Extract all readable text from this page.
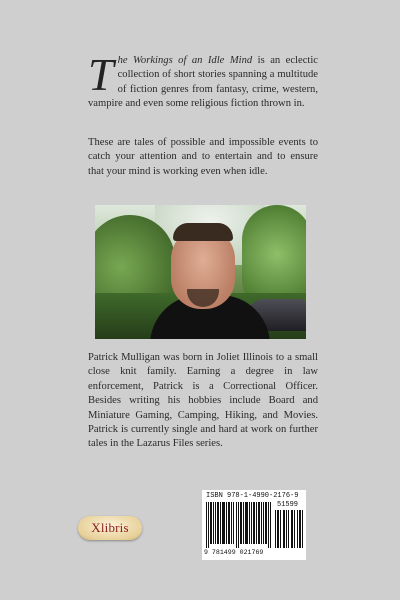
The Workings of an Idle Mind is an eclectic collection of short stories spanning a multitude of fiction genres from fantasy, crime, western, vampire and even some religious fiction thrown in.
These are tales of possible and impossible events to catch your attention and to entertain and to ensure that your mind is working even when idle.
Patrick Mulligan was born in Joliet Illinois to a small close knit family. Earning a degree in law enforcement, Patrick is a Correctional Officer. Besides writing his hobbies include Board and Miniature Gaming, Camping, Hiking, and Movies. Patrick is currently single and hard at work on further tales in the Lazarus Files series.
Xlibris
ISBN 978-1-4990-2176-9
51599
9 781499 021769
